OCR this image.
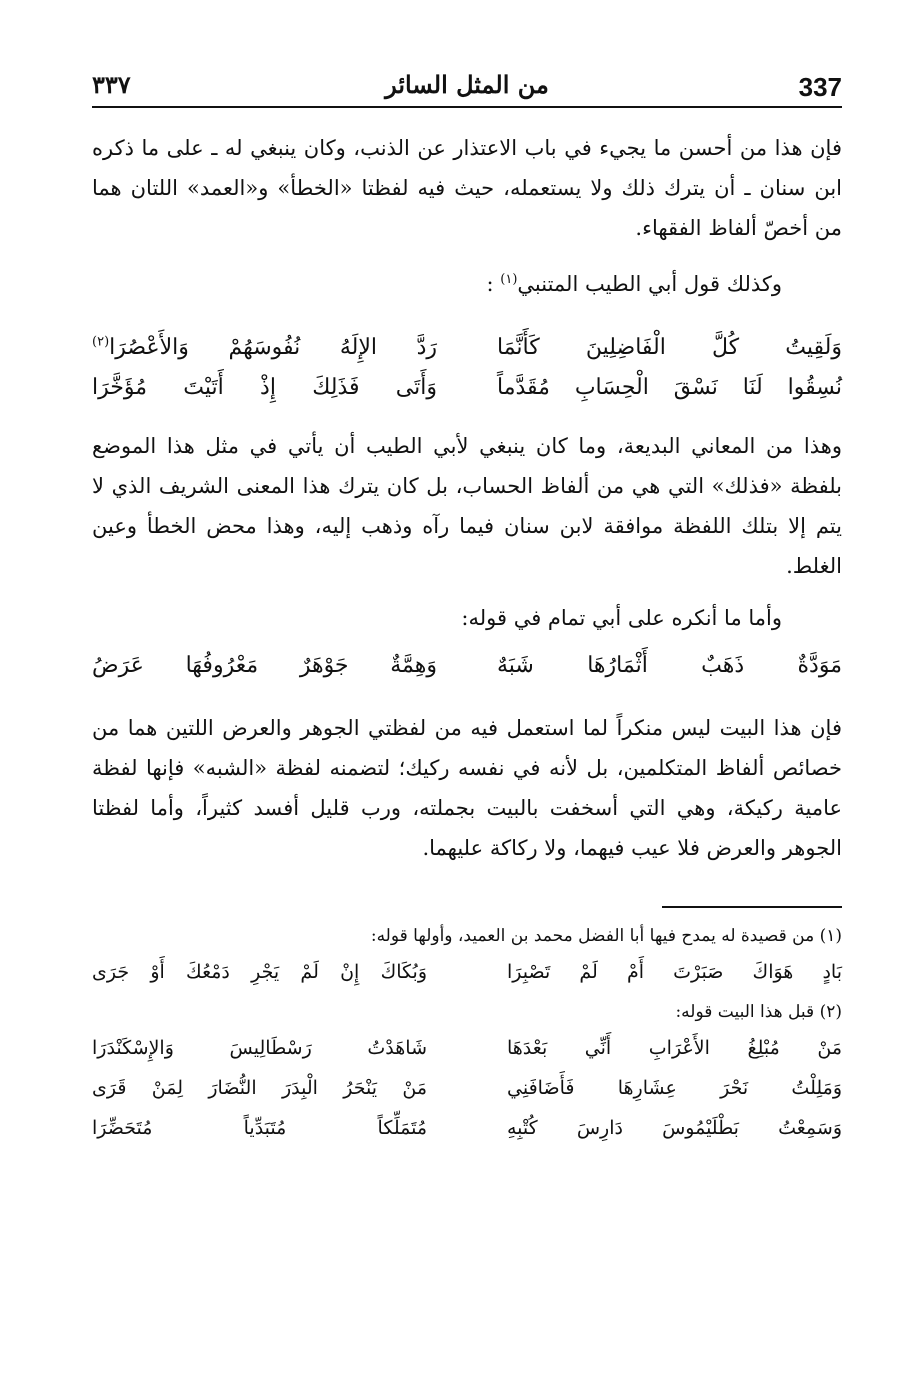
337
من المثل السائر
٣٣٧

فإن هذا من أحسن ما يجيء في باب الاعتذار عن الذنب، وكان ينبغي له ـ على ما ذكره ابن سنان ـ أن يترك ذلك ولا يستعمله، حيث فيه لفظتا «الخطأ» و«العمد» اللتان هما من أخصّ ألفاظ الفقهاء.

وكذلك قول أبي الطيب المتنبي$^{(١)}$ :

وَلَقِيتُ كُلَّ الْفَاضِلِينَ كَأَنَّمَا
رَدَّ الإِلَهُ نُفُوسَهُمْ وَالأَعْصُرَا$^{(٢)}$
نُسِقُوا لَنَا نَسْقَ الْحِسَابِ مُقَدَّماً
وَأَتَى فَذَلِكَ إِذْ أَتَيْتَ مُؤَخَّرَا

وهذا من المعاني البديعة، وما كان ينبغي لأبي الطيب أن يأتي في مثل هذا الموضع بلفظة «فذلك» التي هي من ألفاظ الحساب، بل كان يترك هذا المعنى الشريف الذي لا يتم إلا بتلك اللفظة موافقة لابن سنان فيما رآه وذهب إليه، وهذا محض الخطأ وعين الغلط.

وأما ما أنكره على أبي تمام في قوله:

مَوَدَّةٌ ذَهَبٌ أَثْمَارُهَا شَبَهٌ
وَهِمَّةٌ جَوْهَرٌ مَعْرُوفُهَا عَرَضُ

فإن هذا البيت ليس منكراً لما استعمل فيه من لفظتي الجوهر والعرض اللتين هما من خصائص ألفاظ المتكلمين، بل لأنه في نفسه ركيك؛ لتضمنه لفظة «الشبه» فإنها لفظة عامية ركيكة، وهي التي أسخفت بالبيت بجملته، ورب قليل أفسد كثيراً، وأما لفظتا الجوهر والعرض فلا عيب فيهما، ولا ركاكة عليهما.

(١) من قصيدة له يمدح فيها أبا الفضل محمد بن العميد، وأولها قوله:

بَادٍ هَوَاكَ صَبَرْتَ أَمْ لَمْ تَصْبِرَا
وَبُكَاكَ إِنْ لَمْ يَجْرِ دَمْعُكَ أَوْ جَرَى

(٢) قبل هذا البيت قوله:

مَنْ مُبْلِغُ الأَعْرَابِ أَنِّي بَعْدَهَا
شَاهَدْتُ رَسْطَالِيسَ وَالإِسْكَنْدَرَا
وَمَلِلْتُ نَحْرَ عِشَارِهَا فَأَضَافَنِي
مَنْ يَنْحَرُ الْبِدَرَ النُّضَارَ لِمَنْ قَرَى
وَسَمِعْتُ بَطْلَيْمُوسَ دَارِسَ كُتْبِهِ
مُتَمَلِّكاً مُتَبَدِّياً مُتَحَضِّرَا
